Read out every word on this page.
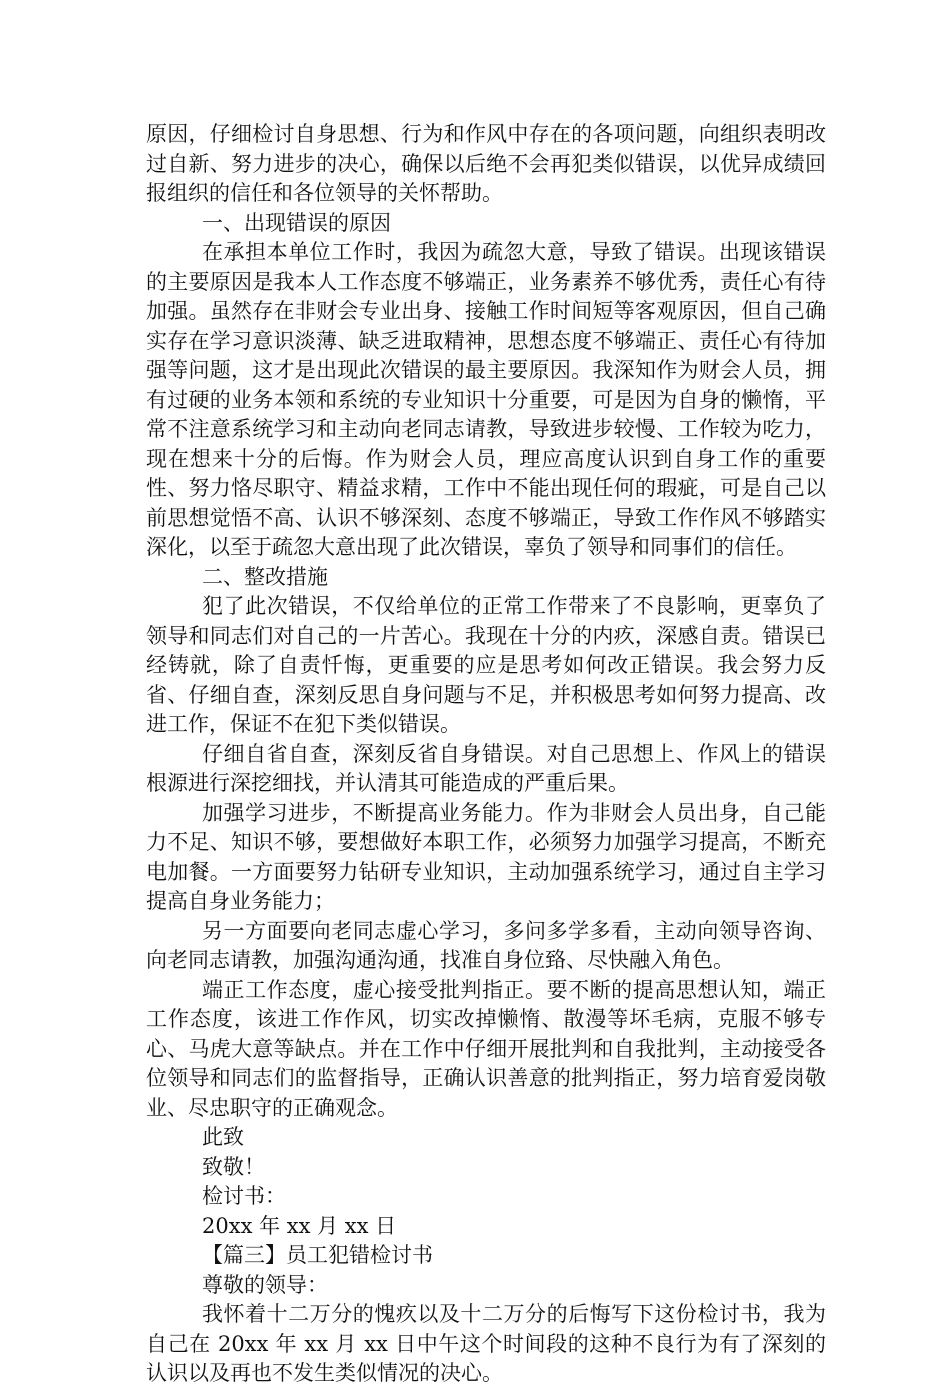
原因，仔细检讨自身思想、行为和作风中存在的各项问题，向组织表明改过自新、努力进步的决心，确保以后绝不会再犯类似错误，以优异成绩回报组织的信任和各位领导的关怀帮助。

一、出现错误的原因

在承担本单位工作时，我因为疏忽大意，导致了错误。出现该错误的主要原因是我本人工作态度不够端正，业务素养不够优秀，责任心有待加强。虽然存在非财会专业出身、接触工作时间短等客观原因，但自己确实存在学习意识淡薄、缺乏进取精神，思想态度不够端正、责任心有待加强等问题，这才是出现此次错误的最主要原因。我深知作为财会人员，拥有过硬的业务本领和系统的专业知识十分重要，可是因为自身的懒惰，平常不注意系统学习和主动向老同志请教，导致进步较慢、工作较为吃力，现在想来十分的后悔。作为财会人员，理应高度认识到自身工作的重要性、努力恪尽职守、精益求精，工作中不能出现任何的瑕疵，可是自己以前思想觉悟不高、认识不够深刻、态度不够端正，导致工作作风不够踏实深化，以至于疏忽大意出现了此次错误，辜负了领导和同事们的信任。

二、整改措施

犯了此次错误，不仅给单位的正常工作带来了不良影响，更辜负了领导和同志们对自己的一片苦心。我现在十分的内疚，深感自责。错误已经铸就，除了自责忏悔，更重要的应是思考如何改正错误。我会努力反省、仔细自查，深刻反思自身问题与不足，并积极思考如何努力提高、改进工作，保证不在犯下类似错误。

仔细自省自查，深刻反省自身错误。对自己思想上、作风上的错误根源进行深挖细找，并认清其可能造成的严重后果。

加强学习进步，不断提高业务能力。作为非财会人员出身，自己能力不足、知识不够，要想做好本职工作，必须努力加强学习提高，不断充电加餐。一方面要努力钻研专业知识，主动加强系统学习，通过自主学习提高自身业务能力；

另一方面要向老同志虚心学习，多问多学多看，主动向领导咨询、向老同志请教，加强沟通沟通，找准自身位臵、尽快融入角色。

端正工作态度，虚心接受批判指正。要不断的提高思想认知，端正工作态度，该进工作作风，切实改掉懒惰、散漫等坏毛病，克服不够专心、马虎大意等缺点。并在工作中仔细开展批判和自我批判，主动接受各位领导和同志们的监督指导，正确认识善意的批判指正，努力培育爱岗敬业、尽忠职守的正确观念。

此致

致敬！

检讨书：

20xx 年 xx 月 xx 日

【篇三】员工犯错检讨书

尊敬的领导：

我怀着十二万分的愧疚以及十二万分的后悔写下这份检讨书，我为自己在 20xx 年 xx 月 xx 日中午这个时间段的这种不良行为有了深刻的认识以及再也不发生类似情况的决心。
